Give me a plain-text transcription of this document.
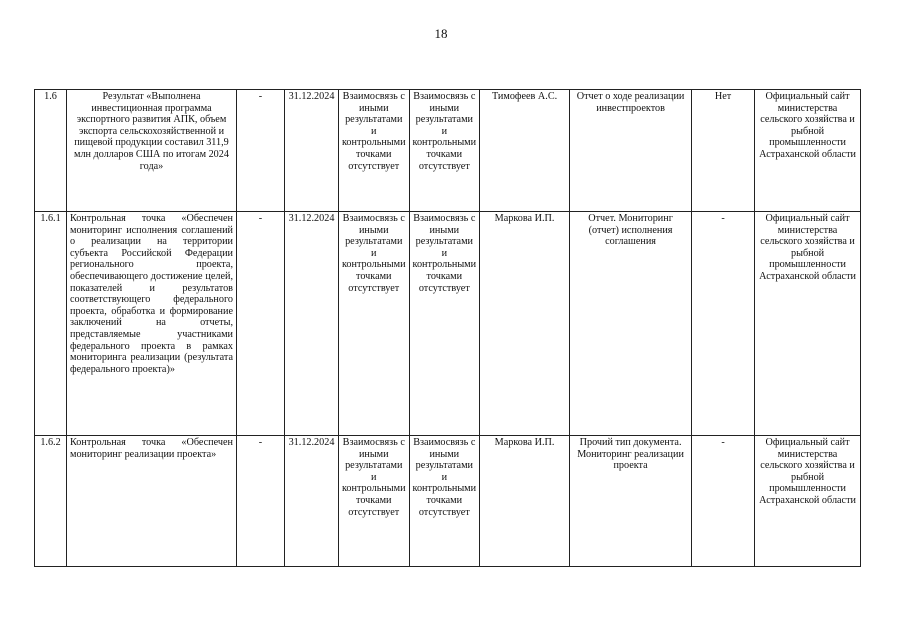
18
1.6	Результат «Выполнена инвестиционная программа экспортного развития АПК, объем экспорта сельскохозяйственной и пищевой продукции составил 311,9 млн долларов США по итогам 2024 года»	-	31.12.2024	Взаимосвязь с иными результатами и контрольными точками отсутствует	Взаимосвязь с иными результатами и контрольными точками отсутствует	Тимофеев А.С.	Отчет о ходе реализации инвестпроектов	Нет	Официальный сайт министерства сельского хозяйства и рыбной промышленности Астраханской области
1.6.1	Контрольная точка «Обеспечен мониторинг исполнения соглашений о реализации на территории субъекта Российской Федерации регионального проекта, обеспечивающего достижение целей, показателей и результатов соответствующего федерального проекта, обработка и формирование заключений на отчеты, представляемые участниками федерального проекта в рамках мониторинга реализации (результата федерального проекта)»	-	31.12.2024	Взаимосвязь с иными результатами и контрольными точками отсутствует	Взаимосвязь с иными результатами и контрольными точками отсутствует	Маркова И.П.	Отчет. Мониторинг (отчет) исполнения соглашения	-	Официальный сайт министерства сельского хозяйства и рыбной промышленности Астраханской области
1.6.2	Контрольная точка «Обеспечен мониторинг реализации проекта»	-	31.12.2024	Взаимосвязь с иными результатами и контрольными точками отсутствует	Взаимосвязь с иными результатами и контрольными точками отсутствует	Маркова И.П.	Прочий тип документа. Мониторинг реализации проекта	-	Официальный сайт министерства сельского хозяйства и рыбной промышленности Астраханской области
